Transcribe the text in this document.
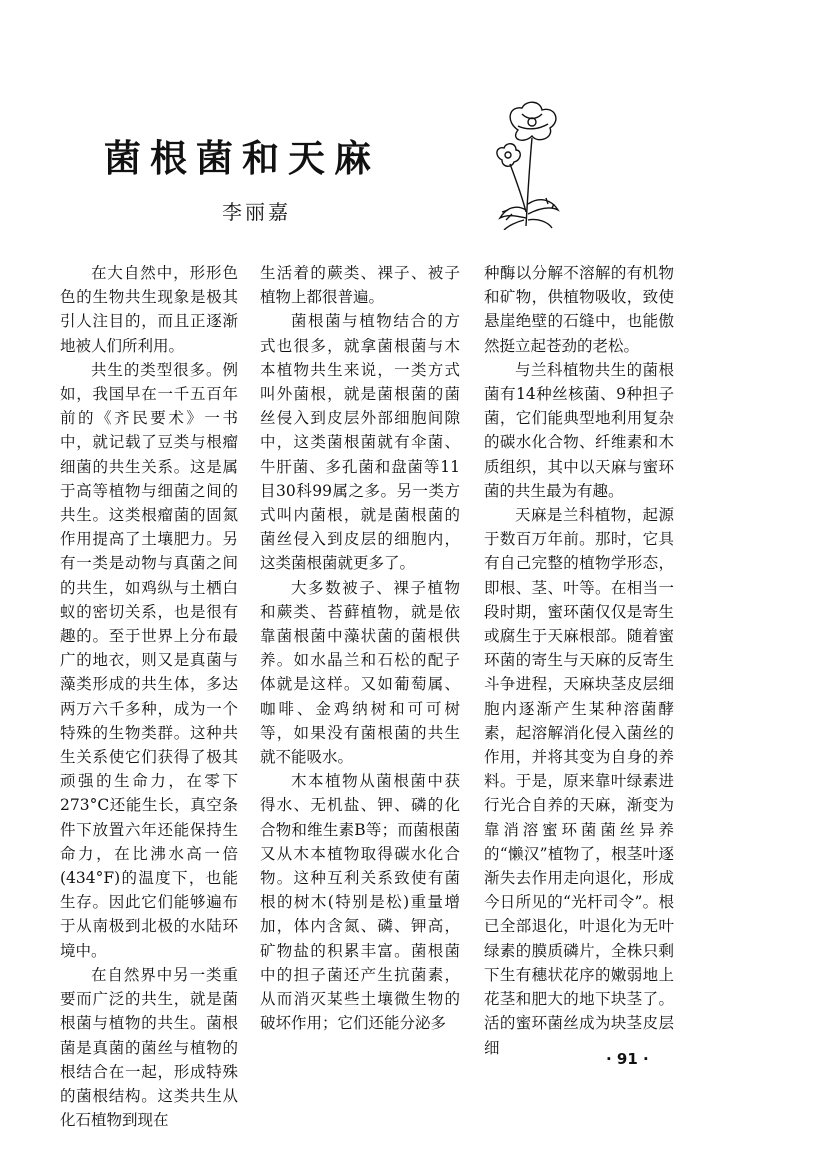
菌根菌和天麻
李丽嘉

在大自然中，形形色色的生物共生现象是极其引人注目的，而且正逐渐地被人们所利用。

共生的类型很多。例如，我国早在一千五百年前的《齐民要术》一书中，就记载了豆类与根瘤细菌的共生关系。这是属于高等植物与细菌之间的共生。这类根瘤菌的固氮作用提高了土壤肥力。另有一类是动物与真菌之间的共生，如鸡纵与土栖白蚁的密切关系，也是很有趣的。至于世界上分布最广的地衣，则又是真菌与藻类形成的共生体，多达两万六千多种，成为一个特殊的生物类群。这种共生关系使它们获得了极其顽强的生命力，在零下273°C还能生长，真空条件下放置六年还能保持生命力，在比沸水高一倍(434°F)的温度下，也能生存。因此它们能够遍布于从南极到北极的水陆环境中。

在自然界中另一类重要而广泛的共生，就是菌根菌与植物的共生。菌根菌是真菌的菌丝与植物的根结合在一起，形成特殊的菌根结构。这类共生从化石植物到现在

生活着的蕨类、裸子、被子植物上都很普遍。

菌根菌与植物结合的方式也很多，就拿菌根菌与木本植物共生来说，一类方式叫外菌根，就是菌根菌的菌丝侵入到皮层外部细胞间隙中，这类菌根菌就有伞菌、牛肝菌、多孔菌和盘菌等11目30科99属之多。另一类方式叫内菌根，就是菌根菌的菌丝侵入到皮层的细胞内，这类菌根菌就更多了。

大多数被子、裸子植物和蕨类、苔藓植物，就是依靠菌根菌中藻状菌的菌根供养。如水晶兰和石松的配子体就是这样。又如葡萄属、咖啡、金鸡纳树和可可树等，如果没有菌根菌的共生就不能吸水。

木本植物从菌根菌中获得水、无机盐、钾、磷的化合物和维生素B等；而菌根菌又从木本植物取得碳水化合物。这种互利关系致使有菌根的树木(特别是松)重量增加，体内含氮、磷、钾高，矿物盐的积累丰富。菌根菌中的担子菌还产生抗菌素，从而消灭某些土壤微生物的破坏作用；它们还能分泌多

种酶以分解不溶解的有机物和矿物，供植物吸收，致使悬崖绝壁的石缝中，也能傲然挺立起苍劲的老松。

与兰科植物共生的菌根菌有14种丝核菌、9种担子菌，它们能典型地利用复杂的碳水化合物、纤维素和木质组织，其中以天麻与蜜环菌的共生最为有趣。

天麻是兰科植物，起源于数百万年前。那时，它具有自己完整的植物学形态，即根、茎、叶等。在相当一段时期，蜜环菌仅仅是寄生或腐生于天麻根部。随着蜜环菌的寄生与天麻的反寄生斗争进程，天麻块茎皮层细胞内逐渐产生某种溶菌酵素，起溶解消化侵入菌丝的作用，并将其变为自身的养料。于是，原来靠叶绿素进行光合自养的天麻，渐变为靠消溶蜜环菌菌丝异养的“懒汉”植物了，根茎叶逐渐失去作用走向退化，形成今日所见的“光杆司令”。根已全部退化，叶退化为无叶绿素的膜质磷片，全株只剩下生有穗状花序的嫩弱地上花茎和肥大的地下块茎了。活的蜜环菌丝成为块茎皮层细

· 91 ·
